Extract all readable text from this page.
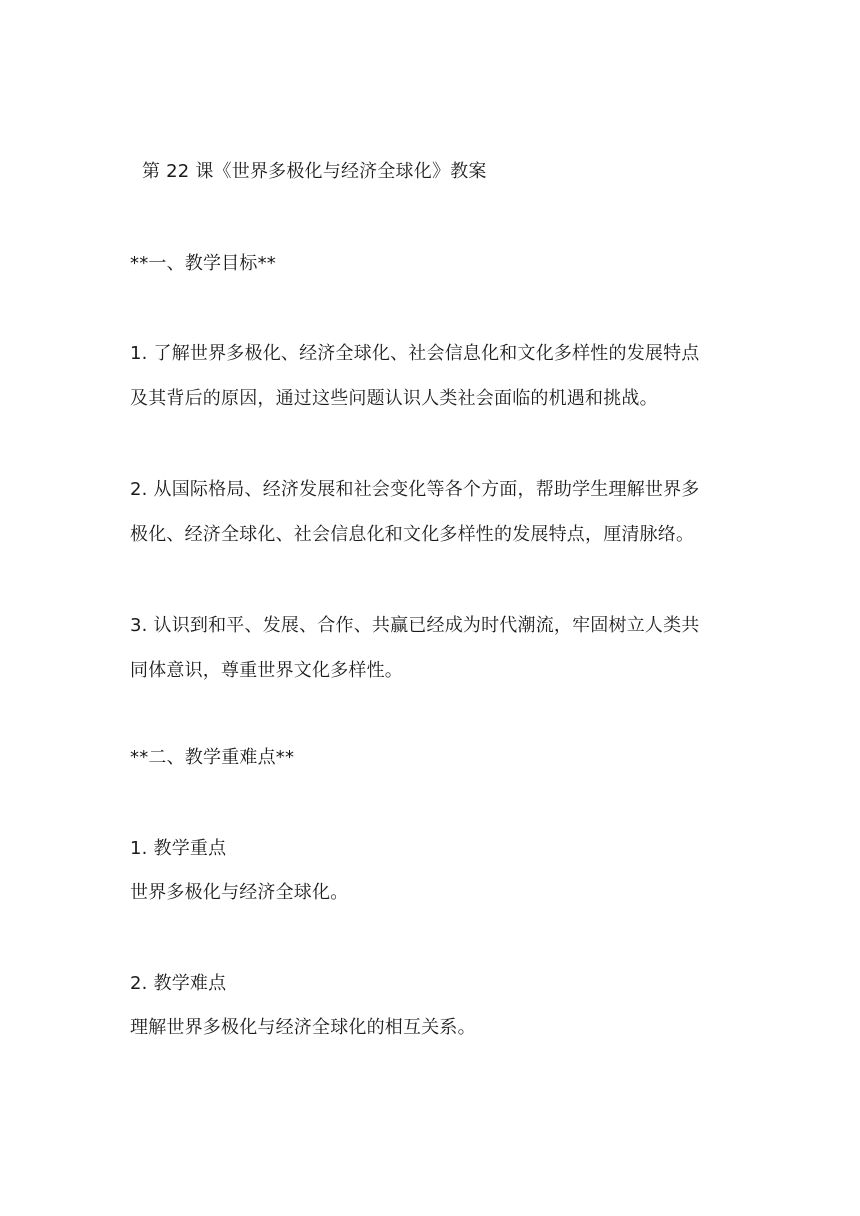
第 22 课《世界多极化与经济全球化》教案
**一、教学目标**
1. 了解世界多极化、经济全球化、社会信息化和文化多样性的发展特点
及其背后的原因，通过这些问题认识人类社会面临的机遇和挑战。
2. 从国际格局、经济发展和社会变化等各个方面，帮助学生理解世界多
极化、经济全球化、社会信息化和文化多样性的发展特点，厘清脉络。
3. 认识到和平、发展、合作、共赢已经成为时代潮流，牢固树立人类共
同体意识，尊重世界文化多样性。
**二、教学重难点**
1. 教学重点
世界多极化与经济全球化。
2. 教学难点
理解世界多极化与经济全球化的相互关系。
